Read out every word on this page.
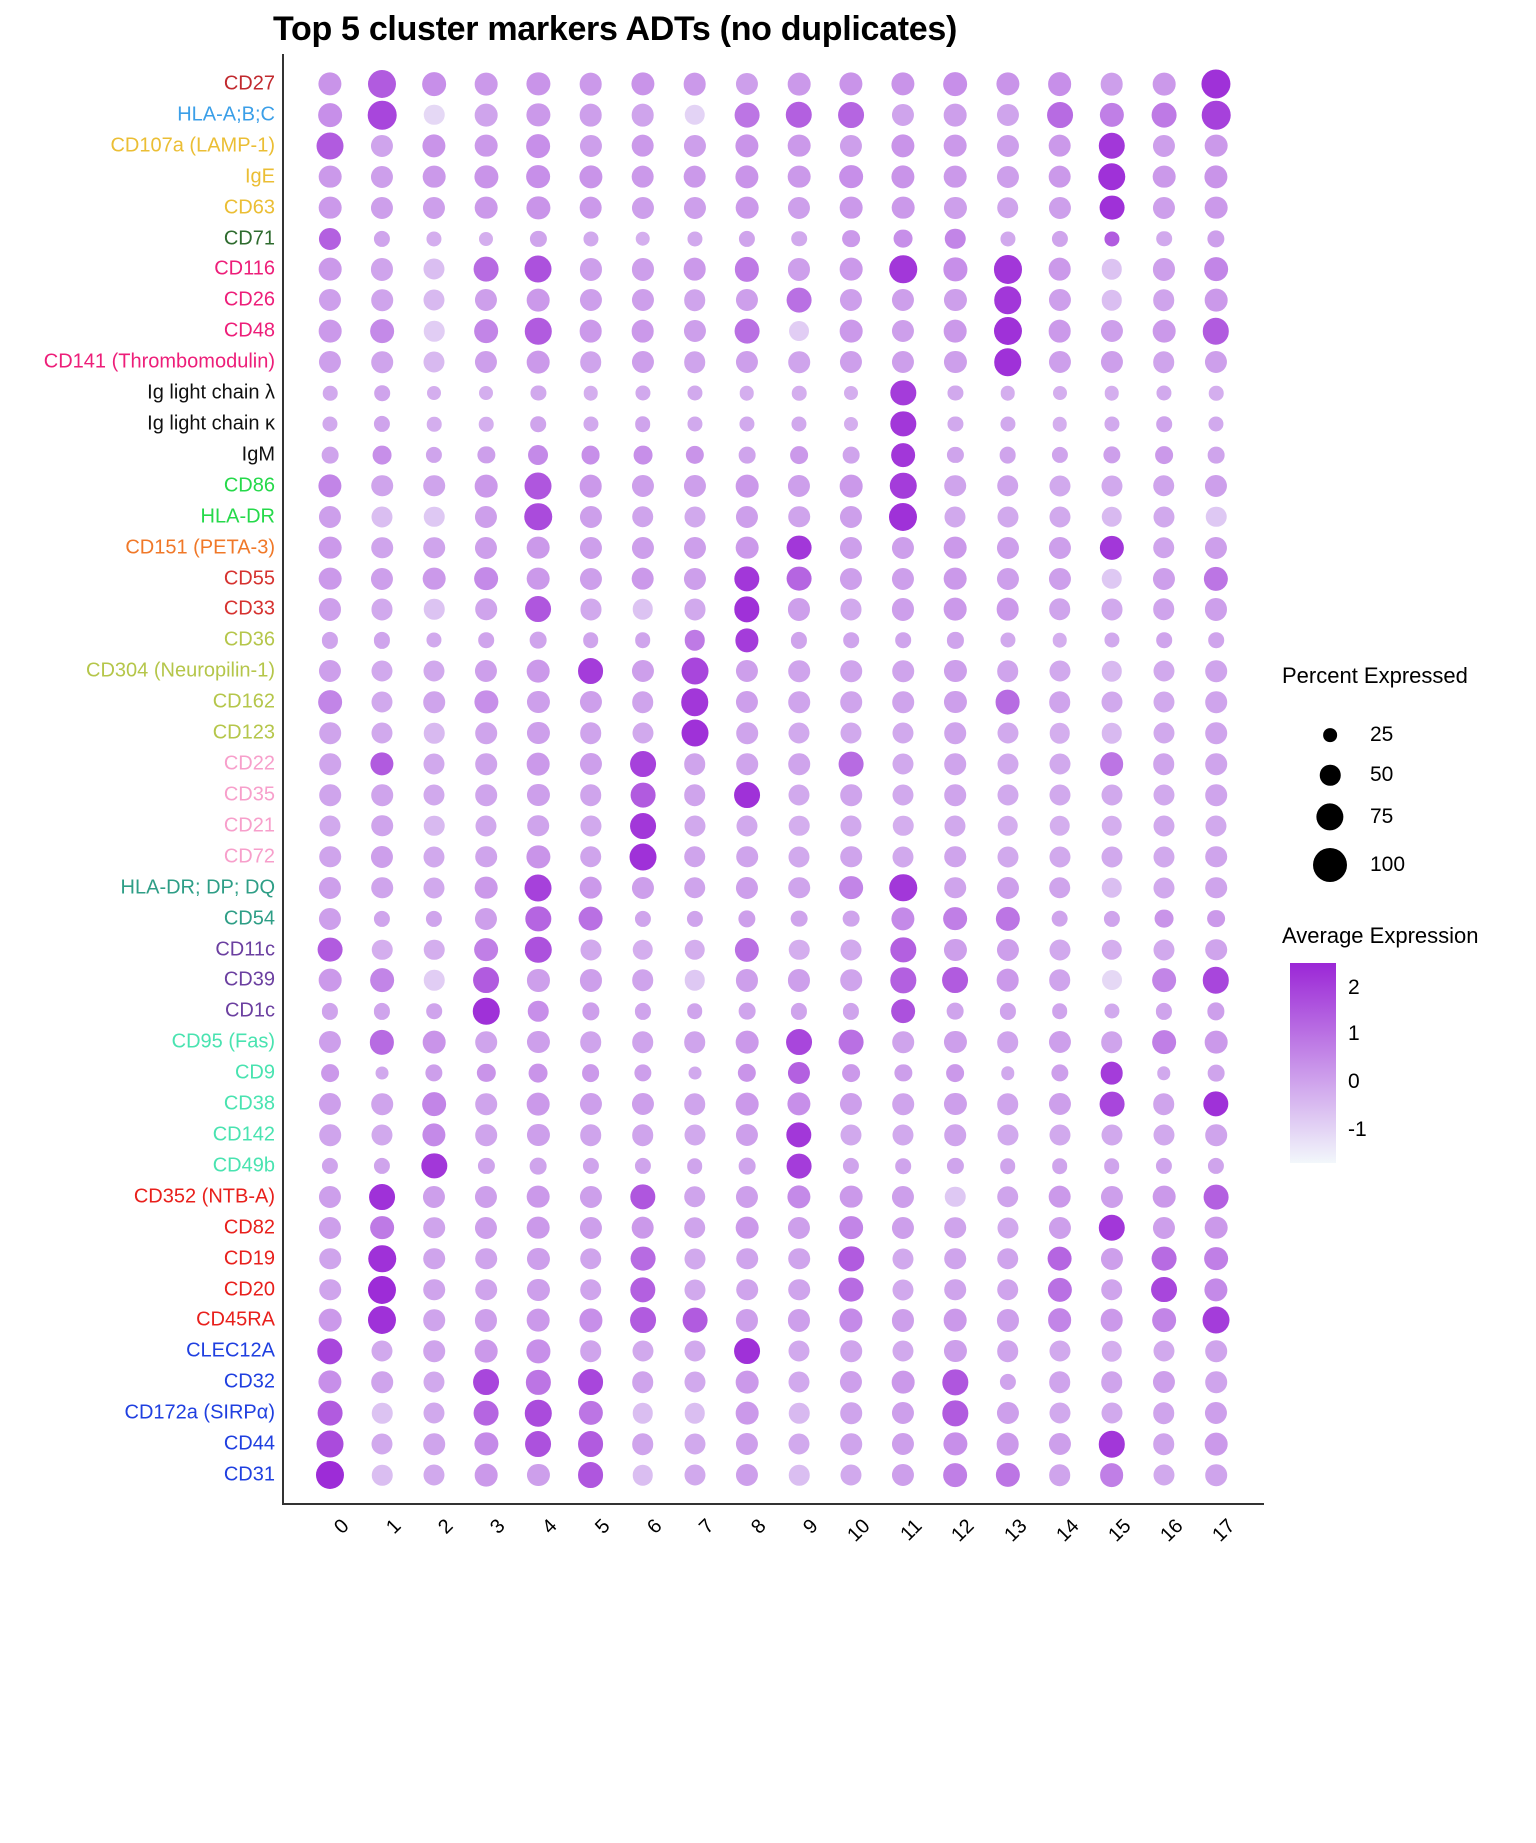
Top 5 cluster markers ADTs (no duplicates)
CD27
HLA-A;B;C
CD107a (LAMP-1)
IgE
CD63
CD71
CD116
CD26
CD48
CD141 (Thrombomodulin)
Ig light chain λ
Ig light chain κ
IgM
CD86
HLA-DR
CD151 (PETA-3)
CD55
CD33
CD36
CD304 (Neuropilin-1)
CD162
CD123
CD22
CD35
CD21
CD72
HLA-DR; DP; DQ
CD54
CD11c
CD39
CD1c
CD95 (Fas)
CD9
CD38
CD142
CD49b
CD352 (NTB-A)
CD82
CD19
CD20
CD45RA
CLEC12A
CD32
CD172a (SIRPα)
CD44
CD31
0	1	2	3	4	5	6	7	8	9	10	11	12	13	14	15	16	17
Percent Expressed
25
50
75
100
Average Expression
2
1
0
-1
